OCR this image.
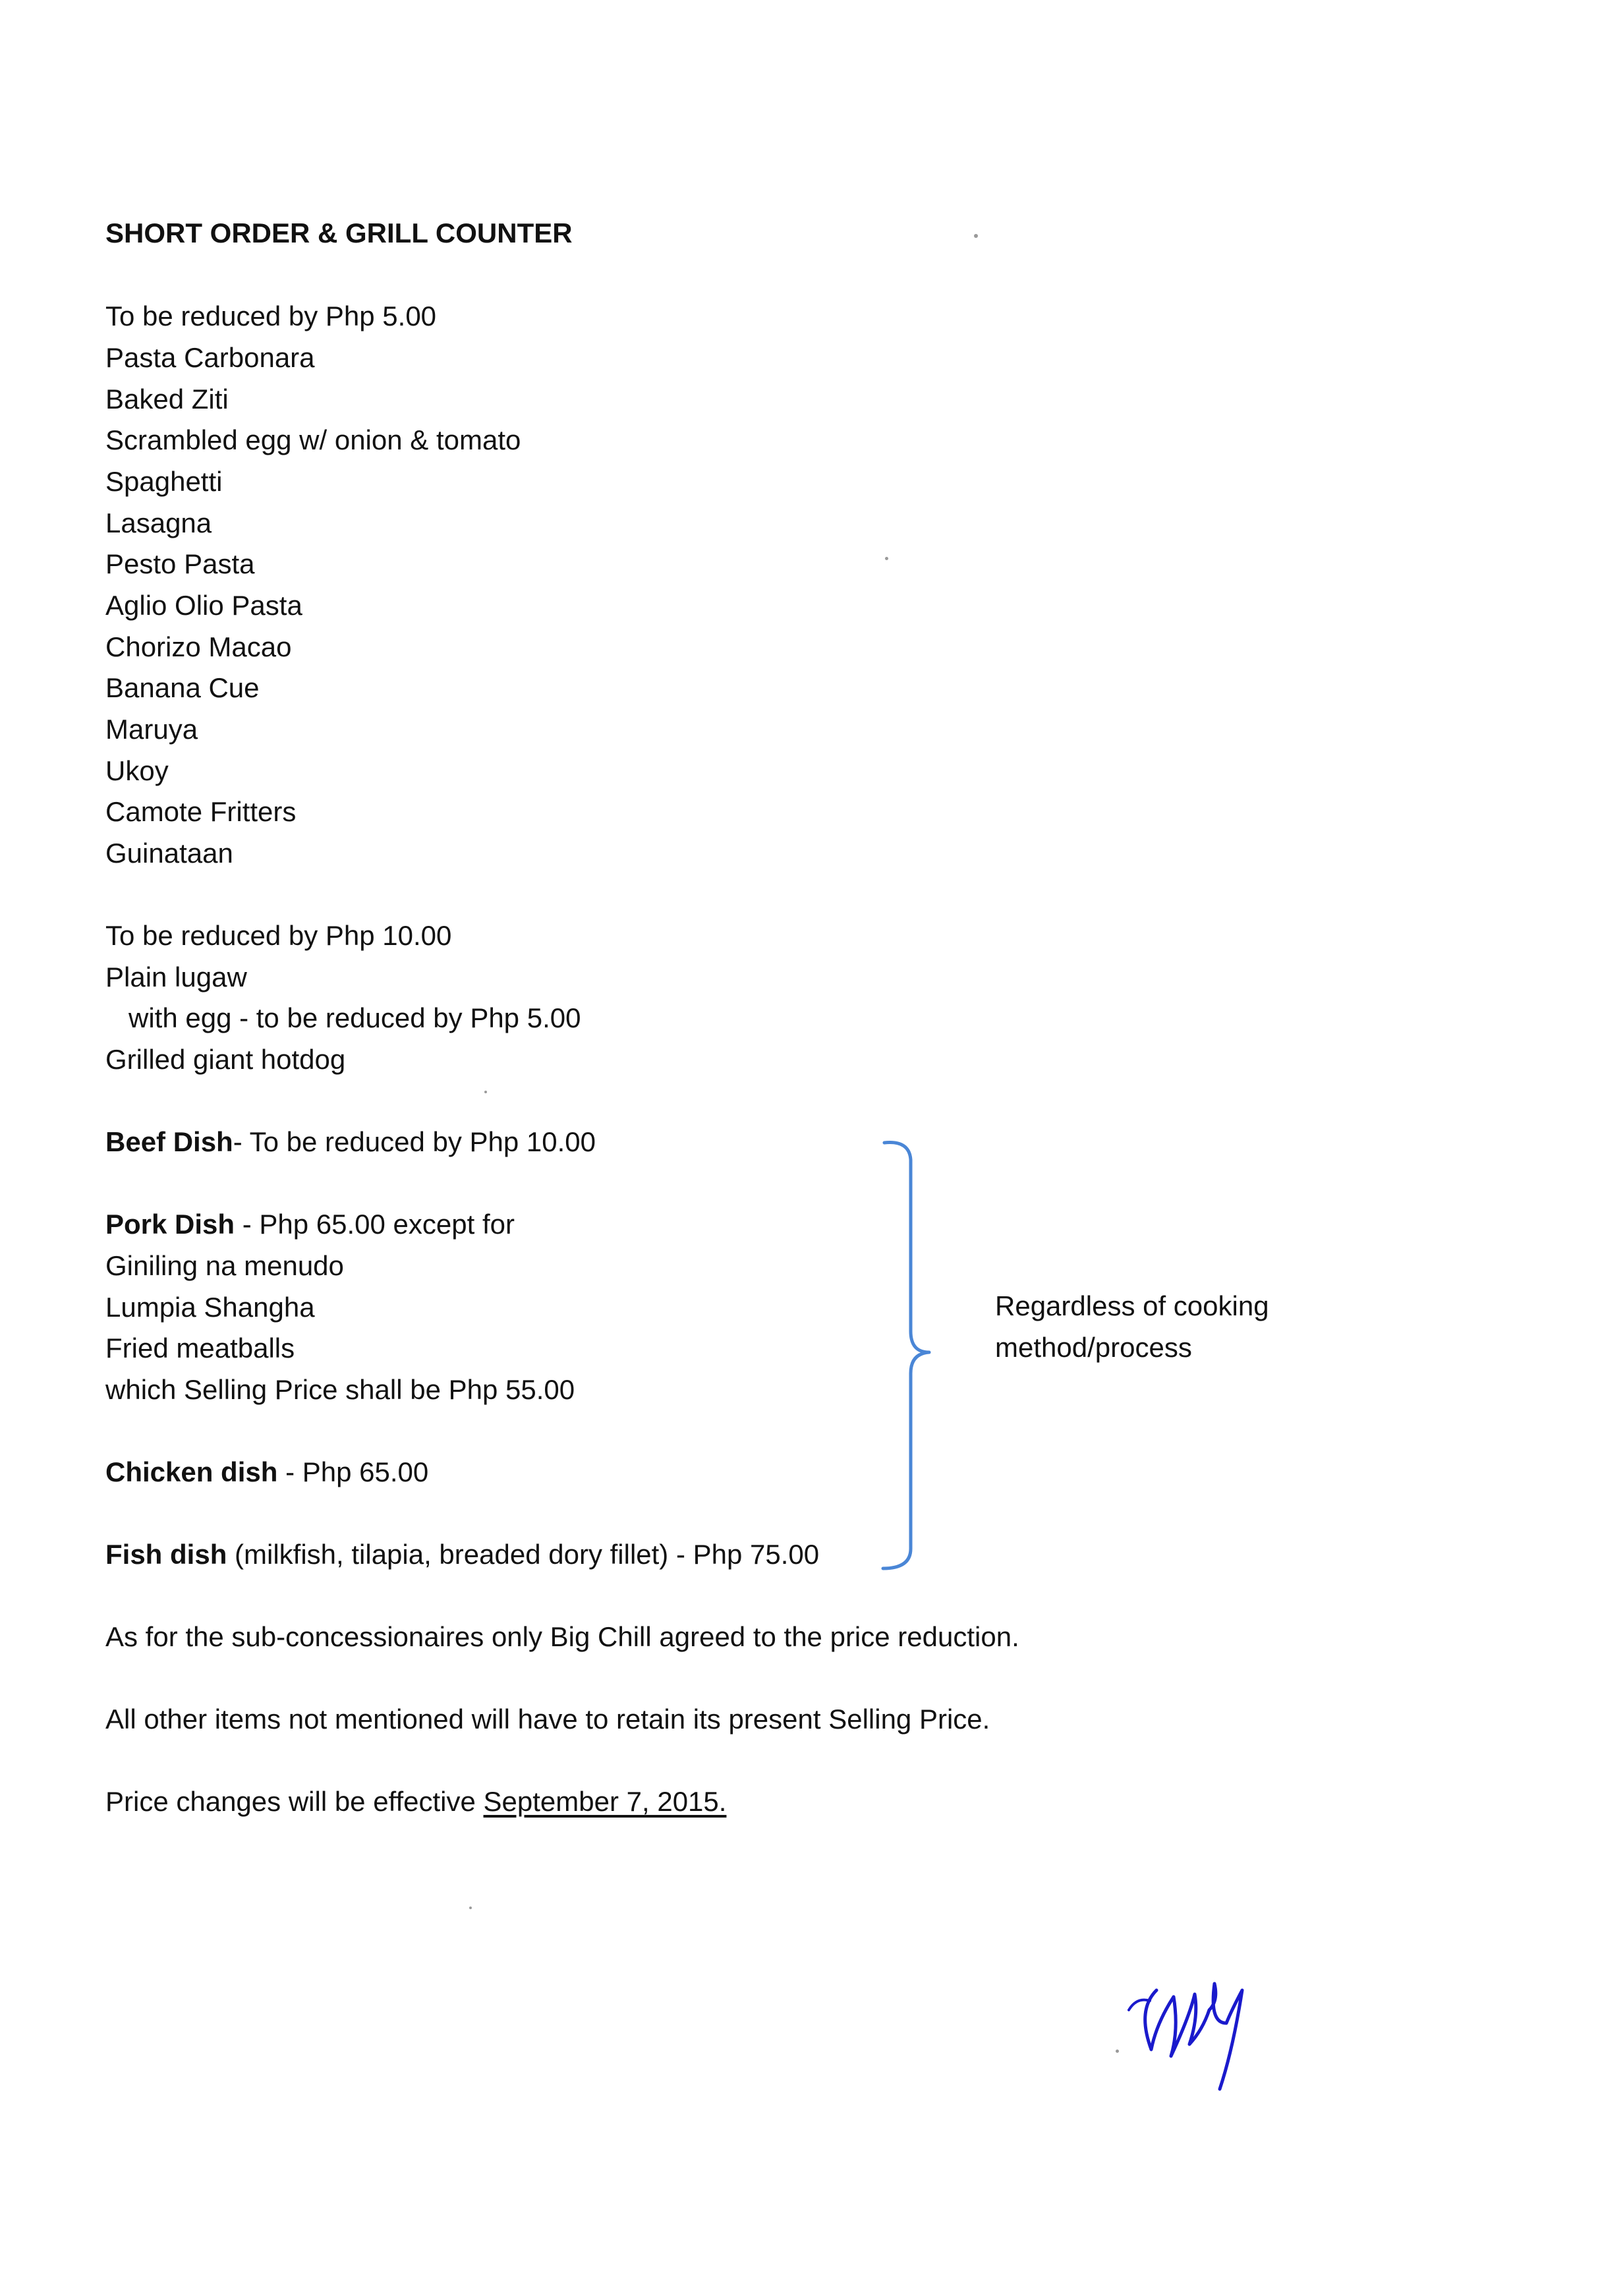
SHORT ORDER & GRILL COUNTER
To be reduced by Php 5.00
Pasta Carbonara
Baked Ziti
Scrambled egg w/ onion & tomato
Spaghetti
Lasagna
Pesto Pasta
Aglio Olio Pasta
Chorizo Macao
Banana Cue
Maruya
Ukoy
Camote Fritters
Guinataan
To be reduced by Php 10.00
Plain lugaw
with egg - to be reduced by Php 5.00
Grilled giant hotdog
Beef Dish- To be reduced by Php 10.00
Pork Dish - Php 65.00 except for
Giniling na menudo
Lumpia Shangha
Fried meatballs
which Selling Price shall be Php 55.00
Chicken dish - Php 65.00
Fish dish (milkfish, tilapia, breaded dory fillet) - Php 75.00
Regardless of cooking
method/process
As for the sub-concessionaires only Big Chill agreed to the price reduction.
All other items not mentioned will have to retain its present Selling Price.
Price changes will be effective September 7, 2015.
